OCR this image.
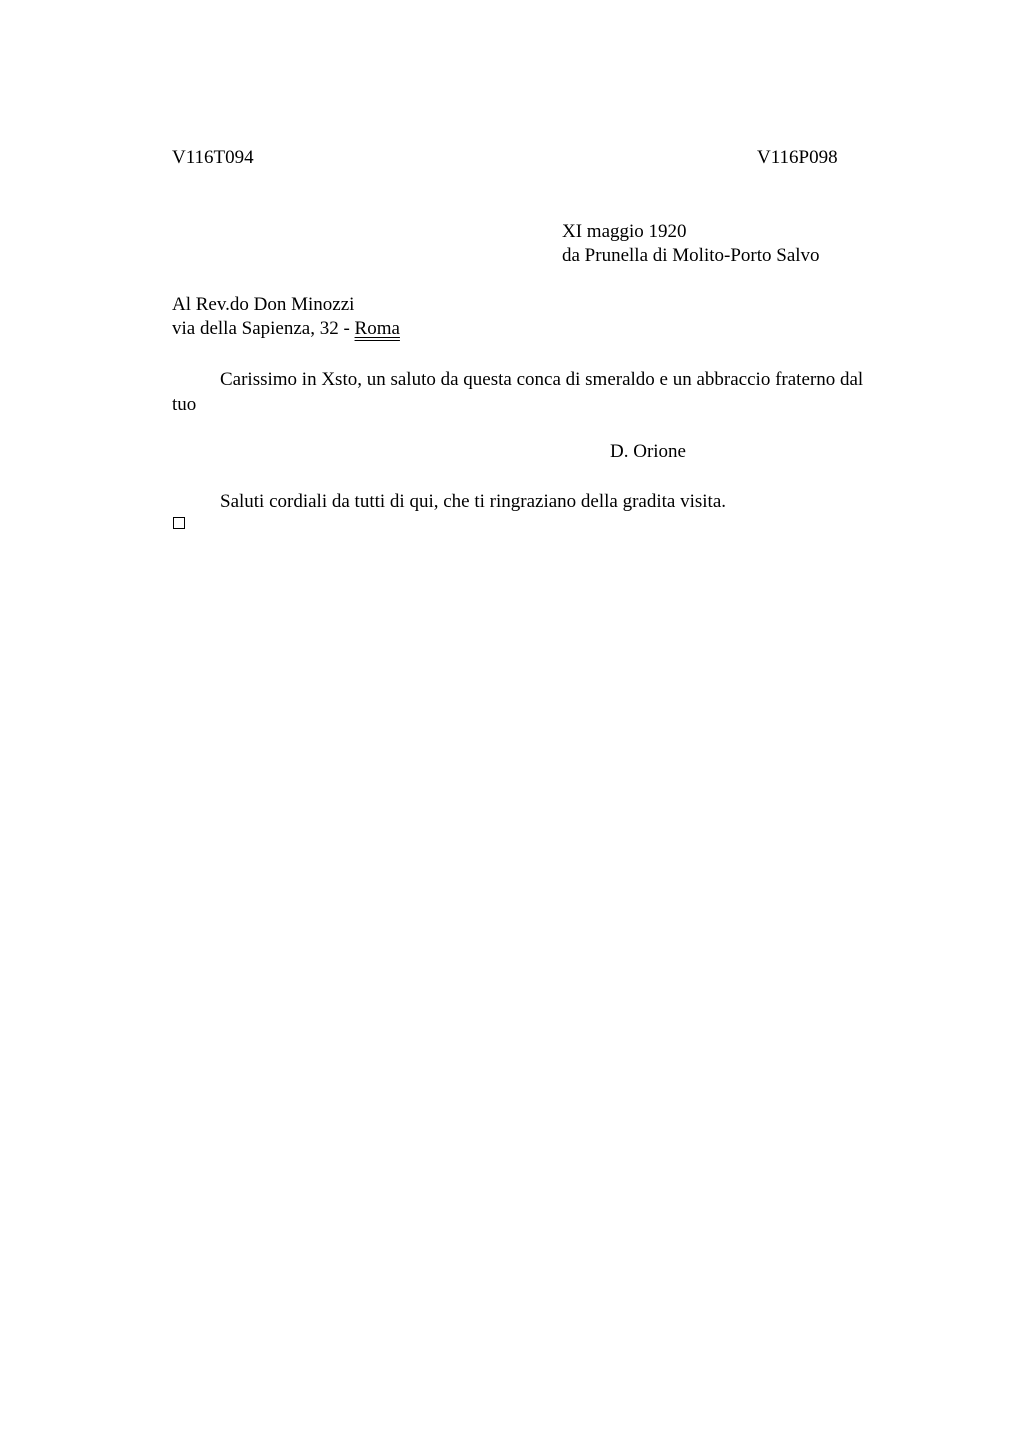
V116T094	V116P098
XI maggio 1920
da Prunella di Molito-Porto Salvo
Al Rev.do Don Minozzi
via della Sapienza, 32 - Roma
Carissimo in Xsto, un saluto da questa conca di smeraldo e un abbraccio fraterno dal tuo
D. Orione
Saluti cordiali da tutti di qui, che ti ringraziano della gradita visita.
